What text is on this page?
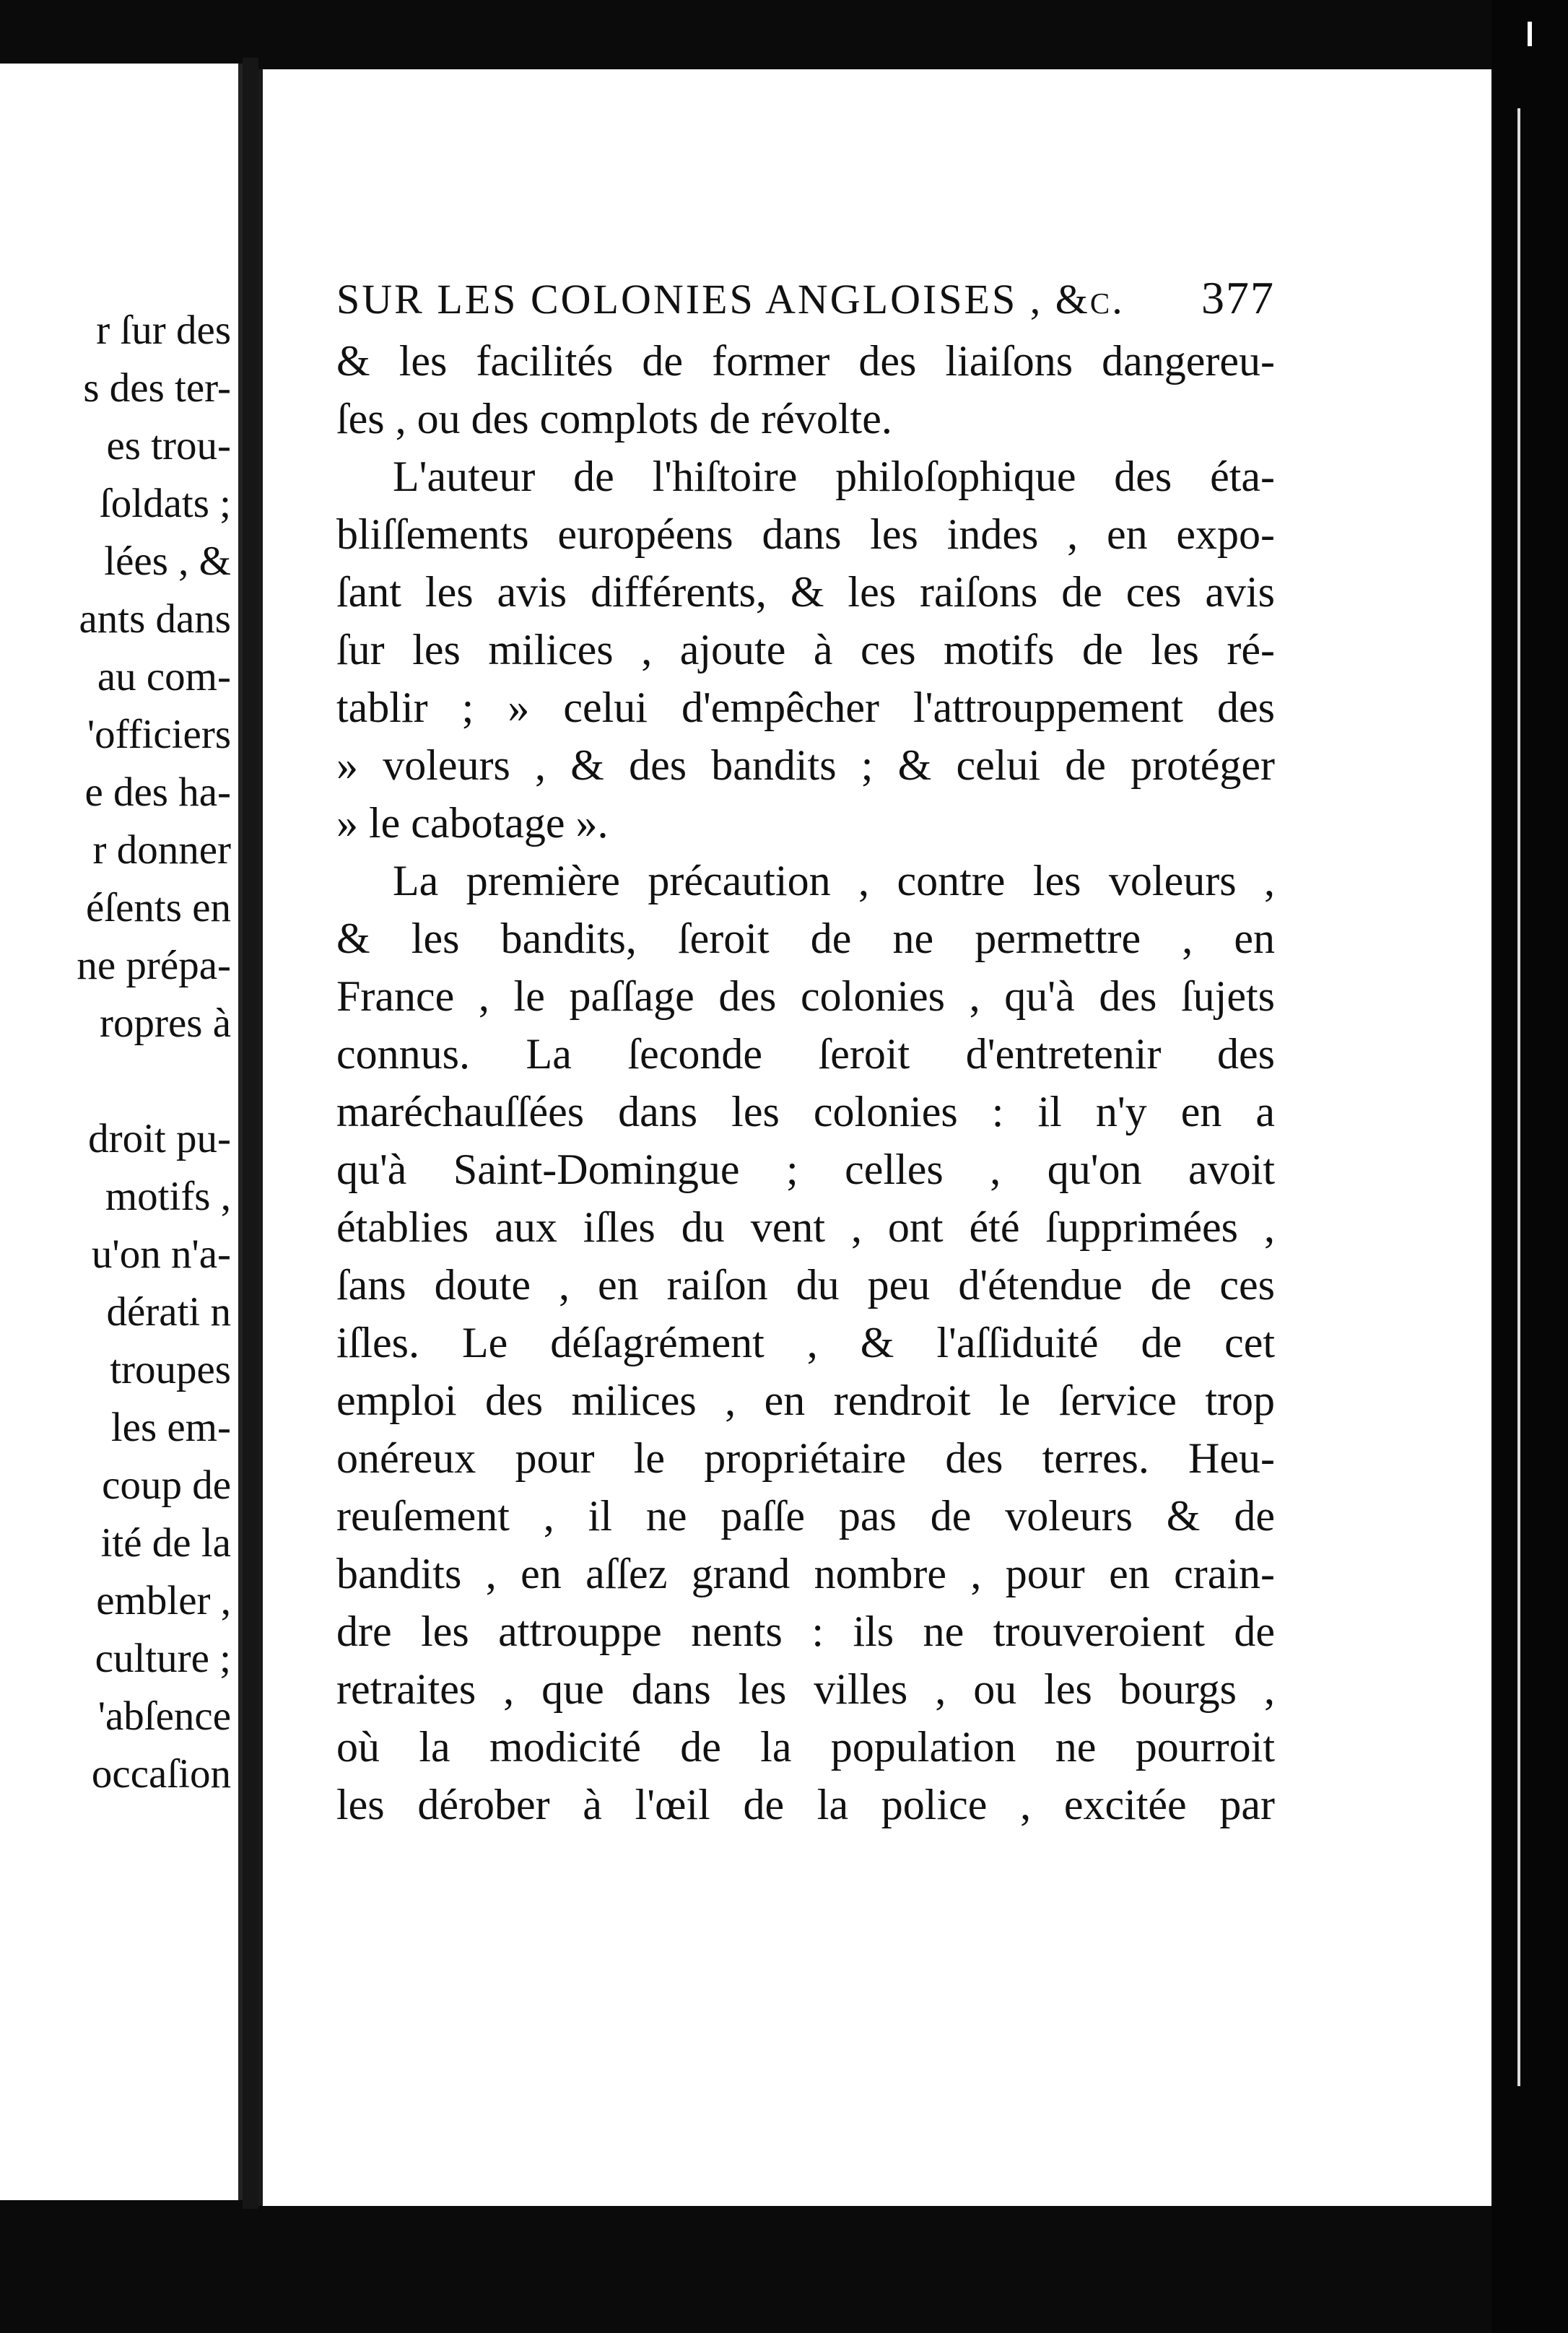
r ſur des
s des ter-
es trou-
ſoldats ;
lées , &
ants dans
au com-
'officiers
e des ha-
r donner
éſents en
ne prépa-
ropres à
droit pu-
motifs ,
u'on n'a-
dérati n
troupes
les em-
coup de
ité de la
embler ,
culture ;
'abſence
occaſion
SUR LES COLONIES ANGLOISES , &c. 377
& les facilités de former des liaiſons dangereu-
ſes , ou des complots de révolte.
L'auteur de l'hiſtoire philoſophique des éta-
bliſſements européens dans les indes , en expo-
ſant les avis différents, & les raiſons de ces avis
ſur les milices , ajoute à ces motifs de les ré-
tablir ; » celui d'empêcher l'attrouppement des
» voleurs , & des bandits ; & celui de protéger
» le cabotage ».
La première précaution , contre les voleurs ,
& les bandits, ſeroit de ne permettre , en
France , le paſſage des colonies , qu'à des ſujets
connus. La ſeconde ſeroit d'entretenir des
maréchauſſées dans les colonies : il n'y en a
qu'à Saint-Domingue ; celles , qu'on avoit
établies aux iſles du vent , ont été ſupprimées ,
ſans doute , en raiſon du peu d'étendue de ces
iſles. Le déſagrément , & l'aſſiduité de cet
emploi des milices , en rendroit le ſervice trop
onéreux pour le propriétaire des terres. Heu-
reuſement , il ne paſſe pas de voleurs & de
bandits , en aſſez grand nombre , pour en crain-
dre les attrouppe nents : ils ne trouveroient de
retraites , que dans les villes , ou les bourgs ,
où la modicité de la population ne pourroit
les dérober à l'œil de la police , excitée par
